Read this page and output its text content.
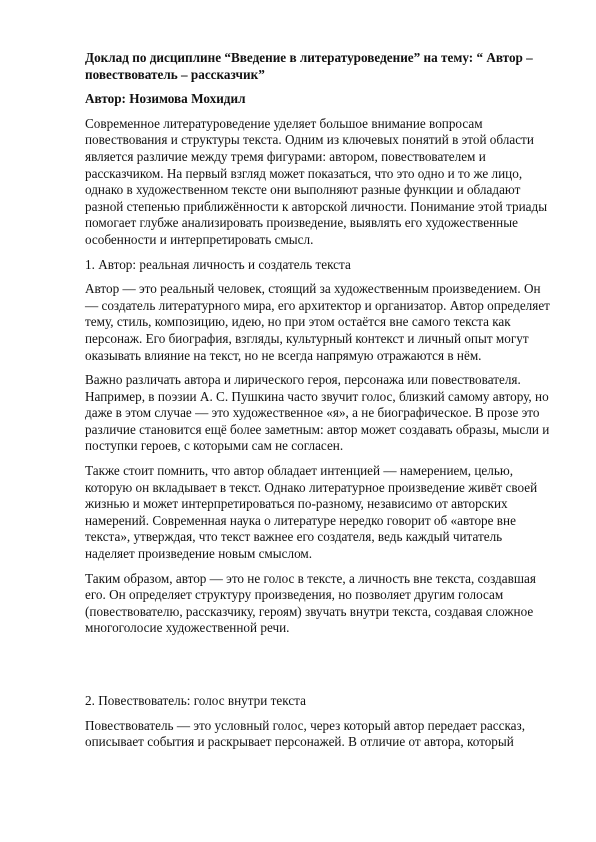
Доклад по дисциплине “Введение в литературоведение” на тему: “ Автор – повествователь – рассказчик”

Автор: Нозимова Мохидил

Современное литературоведение уделяет большое внимание вопросам повествования и структуры текста. Одним из ключевых понятий в этой области является различие между тремя фигурами: автором, повествователем и рассказчиком. На первый взгляд может показаться, что это одно и то же лицо, однако в художественном тексте они выполняют разные функции и обладают разной степенью приближённости к авторской личности. Понимание этой триады помогает глубже анализировать произведение, выявлять его художественные особенности и интерпретировать смысл.

1. Автор: реальная личность и создатель текста

Автор — это реальный человек, стоящий за художественным произведением. Он — создатель литературного мира, его архитектор и организатор. Автор определяет тему, стиль, композицию, идею, но при этом остаётся вне самого текста как персонаж. Его биография, взгляды, культурный контекст и личный опыт могут оказывать влияние на текст, но не всегда напрямую отражаются в нём.

Важно различать автора и лирического героя, персонажа или повествователя. Например, в поэзии А. С. Пушкина часто звучит голос, близкий самому автору, но даже в этом случае — это художественное «я», а не биографическое. В прозе это различие становится ещё более заметным: автор может создавать образы, мысли и поступки героев, с которыми сам не согласен.

Также стоит помнить, что автор обладает интенцией — намерением, целью, которую он вкладывает в текст. Однако литературное произведение живёт своей жизнью и может интерпретироваться по-разному, независимо от авторских намерений. Современная наука о литературе нередко говорит об «авторе вне текста», утверждая, что текст важнее его создателя, ведь каждый читатель наделяет произведение новым смыслом.

Таким образом, автор — это не голос в тексте, а личность вне текста, создавшая его. Он определяет структуру произведения, но позволяет другим голосам (повествователю, рассказчику, героям) звучать внутри текста, создавая сложное многоголосие художественной речи.

2. Повествователь: голос внутри текста

Повествователь — это условный голос, через который автор передает рассказ, описывает события и раскрывает персонажей. В отличие от автора, который
